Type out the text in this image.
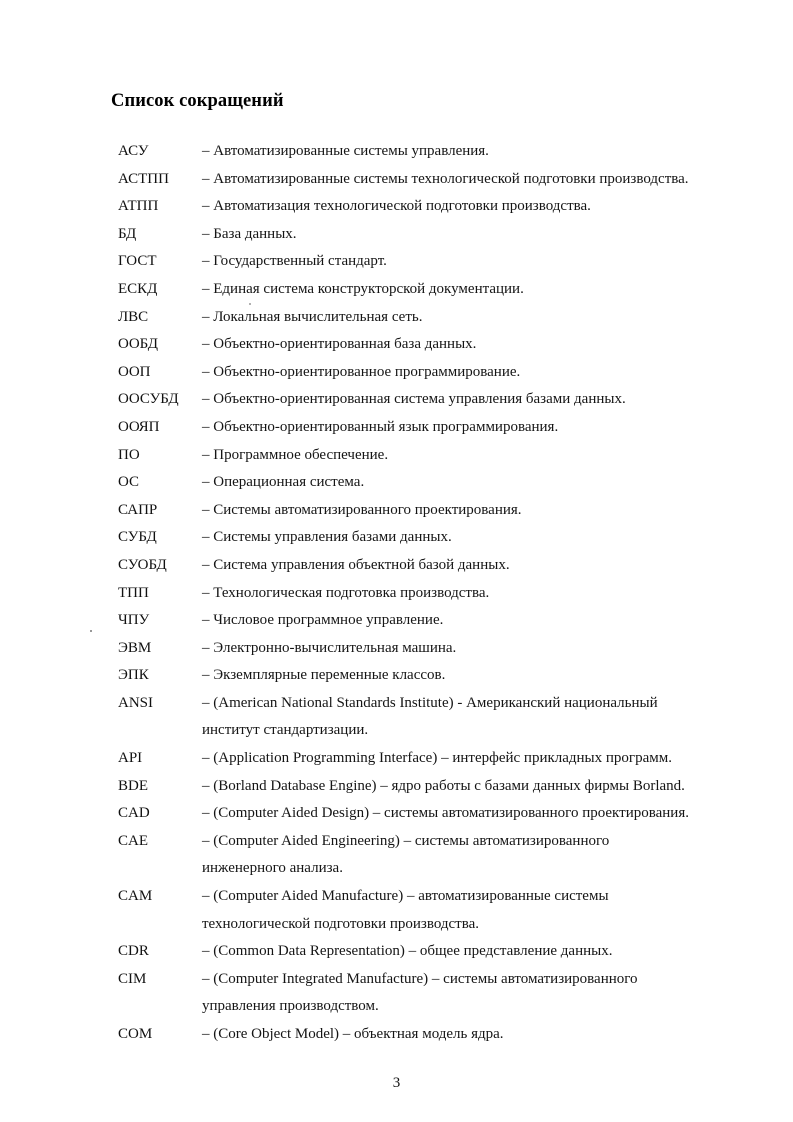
Список сокращений
АСУ	– Автоматизированные системы управления.
АСТПП	– Автоматизированные системы технологической подготовки производства.
АТПП	– Автоматизация технологической подготовки производства.
БД	– База данных.
ГОСТ	– Государственный стандарт.
ЕСКД	– Единая система конструкторской документации.
ЛВС	– Локальная вычислительная сеть.
ООБД	– Объектно-ориентированная база данных.
ООП	– Объектно-ориентированное программирование.
ООСУБД	– Объектно-ориентированная система управления базами данных.
ООЯП	– Объектно-ориентированный язык программирования.
ПО	– Программное обеспечение.
ОС	– Операционная система.
САПР	– Системы автоматизированного проектирования.
СУБД	– Системы управления базами данных.
СУОБД	– Система управления объектной базой данных.
ТПП	– Технологическая подготовка производства.
ЧПУ	– Числовое программное управление.
ЭВМ	– Электронно-вычислительная машина.
ЭПК	– Экземплярные переменные классов.
ANSI	– (American National Standards Institute) - Американский национальный
институт стандартизации.
API	– (Application Programming Interface) – интерфейс прикладных программ.
BDE	– (Borland Database Engine) – ядро работы с базами данных фирмы Borland.
CAD	– (Computer Aided Design) – системы автоматизированного проектирования.
CAE	– (Computer Aided Engineering) – системы автоматизированного
инженерного анализа.
CAM	– (Computer Aided Manufacture) – автоматизированные системы
технологической подготовки производства.
CDR	– (Common Data Representation) – общее представление данных.
CIM	– (Computer Integrated Manufacture) – системы автоматизированного
управления производством.
COM	– (Core Object Model) – объектная модель ядра.
3
